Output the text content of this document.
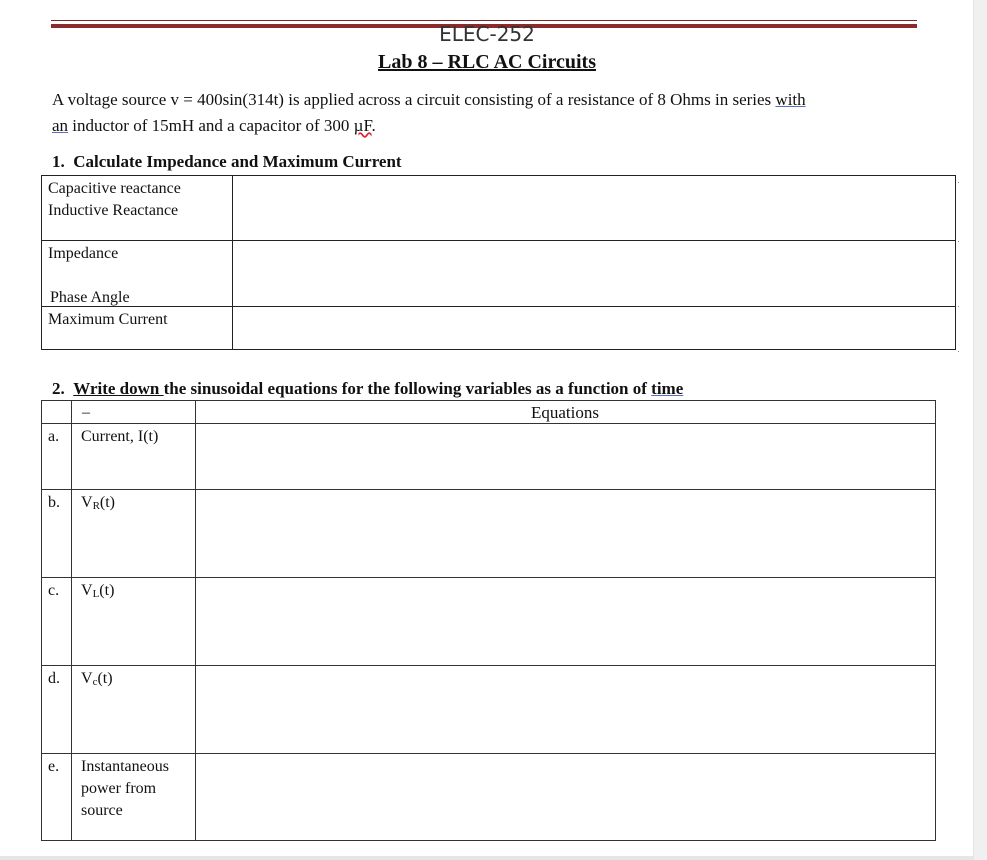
ELEC-252
Lab 8 – RLC AC Circuits
A voltage source v = 400sin(314t) is applied across a circuit consisting of a resistance of 8 Ohms in series with
an inductor of 15mH and a capacitor of 300 µF.
1. Calculate Impedance and Maximum Current
Capacitive reactance
Inductive Reactance
Impedance
Phase Angle
Maximum Current
2. Write down the sinusoidal equations for the following variables as a function of time
–	Equations
a. Current, I(t)
b. $V_R(t)$
c. $V_L(t)$
d. $V_c(t)$
e. Instantaneous
power from
source
